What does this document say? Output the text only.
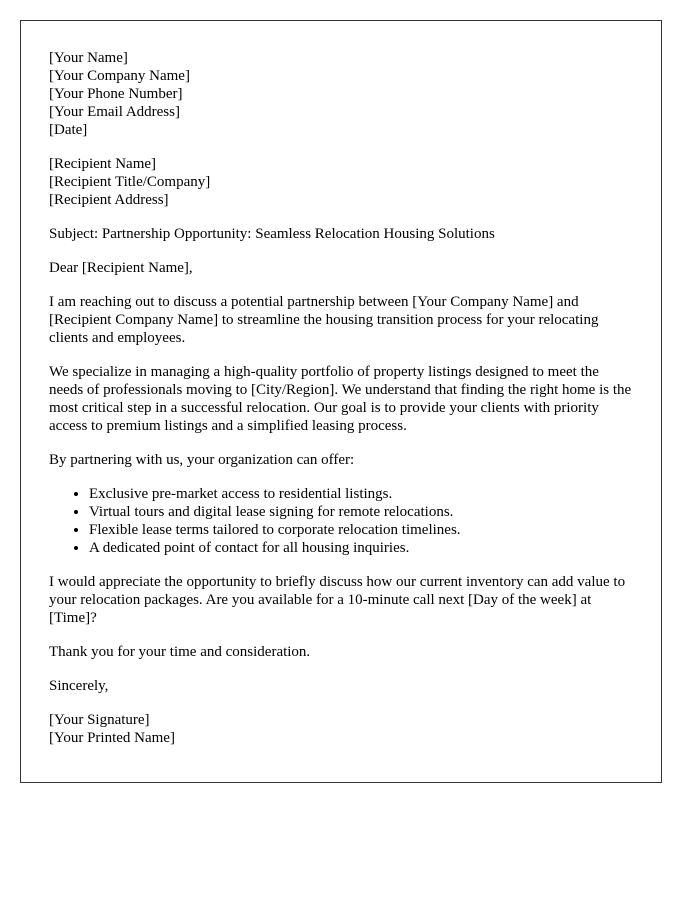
[Your Name]
[Your Company Name]
[Your Phone Number]
[Your Email Address]
[Date]
[Recipient Name]
[Recipient Title/Company]
[Recipient Address]

Subject: Partnership Opportunity: Seamless Relocation Housing Solutions

Dear [Recipient Name],

I am reaching out to discuss a potential partnership between [Your Company Name] and [Recipient Company Name] to streamline the housing transition process for your relocating clients and employees.

We specialize in managing a high-quality portfolio of property listings designed to meet the needs of professionals moving to [City/Region]. We understand that finding the right home is the most critical step in a successful relocation. Our goal is to provide your clients with priority access to premium listings and a simplified leasing process.

By partnering with us, your organization can offer:

• Exclusive pre-market access to residential listings.
• Virtual tours and digital lease signing for remote relocations.
• Flexible lease terms tailored to corporate relocation timelines.
• A dedicated point of contact for all housing inquiries.

I would appreciate the opportunity to briefly discuss how our current inventory can add value to your relocation packages. Are you available for a 10-minute call next [Day of the week] at [Time]?

Thank you for your time and consideration.

Sincerely,

[Your Signature]
[Your Printed Name]
